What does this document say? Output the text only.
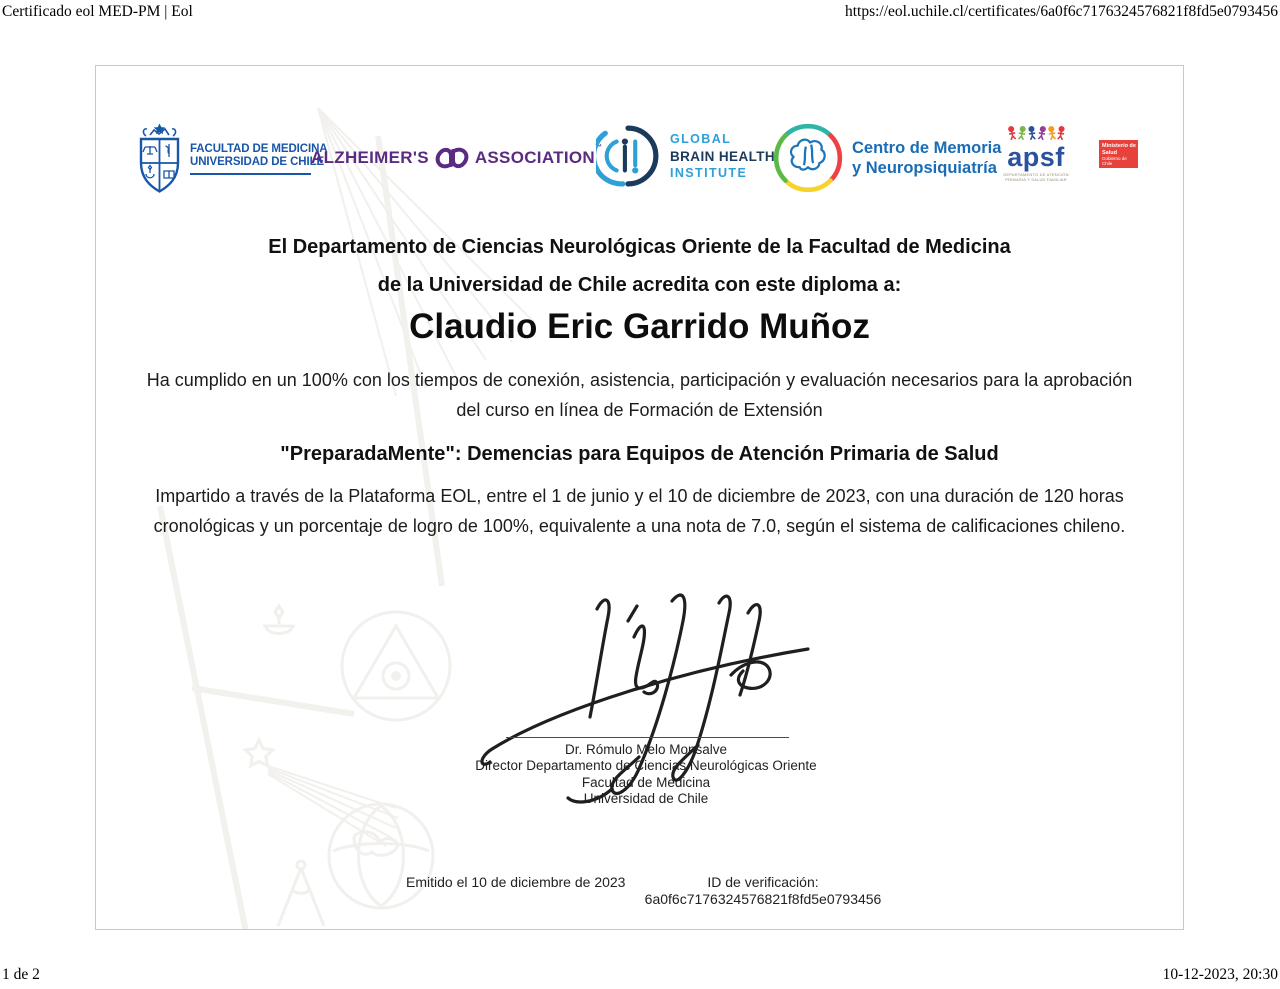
Certificado eol MED-PM | Eol	https://eol.uchile.cl/certificates/6a0f6c7176324576821f8fd5e0793456
FACULTAD DE MEDICINA
UNIVERSIDAD DE CHILE
ALZHEIMER'S	ASSOCIATION™
GLOBAL
BRAIN HEALTH
INSTITUTE
Centro de Memoria
y Neuropsiquiatría apsf
DEPARTAMENTO DE ATENCIÓN
PRIMARIA Y SALUD FAMILIAR
Ministerio de
Salud
Gobierno de Chile
El Departamento de Ciencias Neurológicas Oriente de la Facultad de Medicina
de la Universidad de Chile acredita con este diploma a:
Claudio Eric Garrido Muñoz

Ha cumplido en un 100% con los tiempos de conexión, asistencia, participación y evaluación necesarios para la aprobación del curso en línea de Formación de Extensión

"PreparadaMente": Demencias para Equipos de Atención Primaria de Salud

Impartido a través de la Plataforma EOL, entre el 1 de junio y el 10 de diciembre de 2023, con una duración de 120 horas cronológicas y un porcentaje de logro de 100%, equivalente a una nota de 7.0, según el sistema de calificaciones chileno.

Dr. Rómulo Melo Monsalve
Director Departamento de Ciencias Neurológicas Oriente
Facultad de Medicina
Universidad de Chile
Emitido el 10 de diciembre de 2023	ID de verificación:
6a0f6c7176324576821f8fd5e0793456
1 de 2	10-12-2023, 20:30
